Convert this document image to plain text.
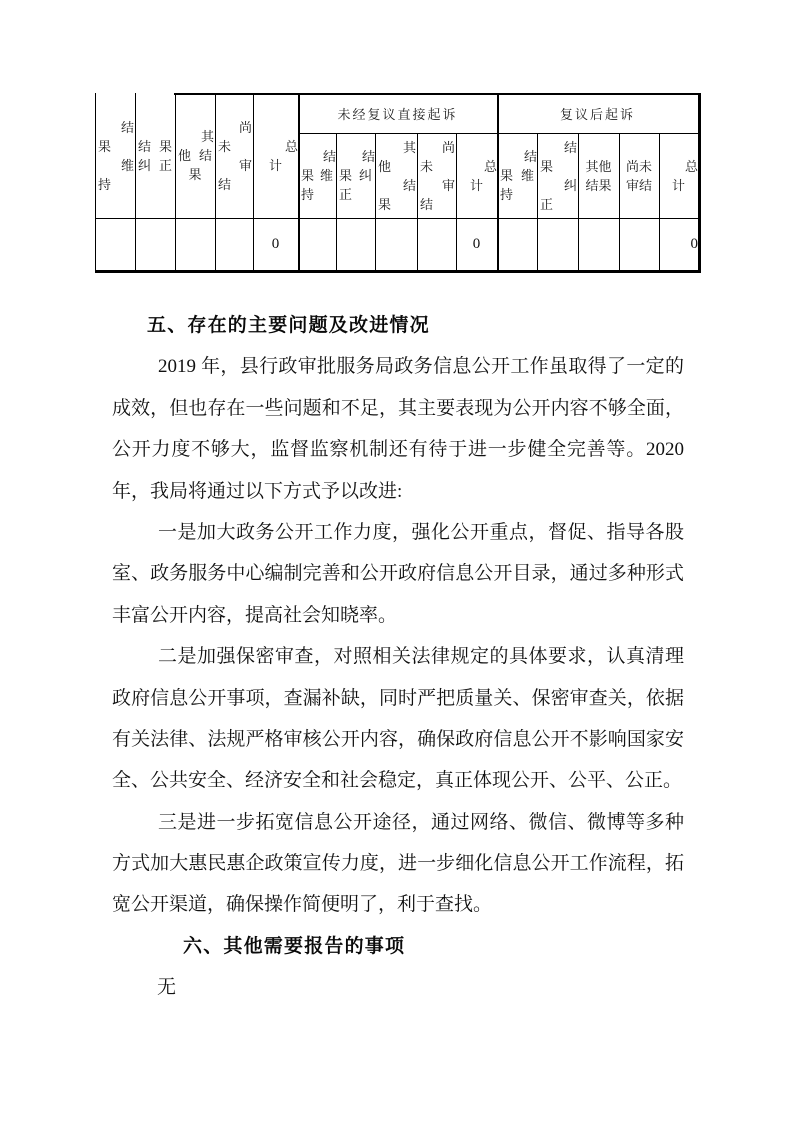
未经复议直接起诉	复议后起诉
结
果
维
持
结果
纠正
其
他结
果
尚
未
审
结
总
计
0
结
果维
持
结
果纠
正
其
他
结
果
尚
未
审
结
总
计
0
结
果维
持
结
果
纠
正
其他
结果
尚未
审结
总
计
0
五、存在的主要问题及改进情况
2019 年，县行政审批服务局政务信息公开工作虽取得了一定的
成效，但也存在一些问题和不足，其主要表现为公开内容不够全面，
公开力度不够大，监督监察机制还有待于进一步健全完善等。2020
年，我局将通过以下方式予以改进:
一是加大政务公开工作力度，强化公开重点，督促、指导各股
室、政务服务中心编制完善和公开政府信息公开目录，通过多种形式
丰富公开内容，提高社会知晓率。
二是加强保密审查，对照相关法律规定的具体要求，认真清理
政府信息公开事项，查漏补缺，同时严把质量关、保密审查关，依据
有关法律、法规严格审核公开内容，确保政府信息公开不影响国家安
全、公共安全、经济安全和社会稳定，真正体现公开、公平、公正。
三是进一步拓宽信息公开途径，通过网络、微信、微博等多种
方式加大惠民惠企政策宣传力度，进一步细化信息公开工作流程，拓
宽公开渠道，确保操作简便明了，利于查找。
六、其他需要报告的事项
无
